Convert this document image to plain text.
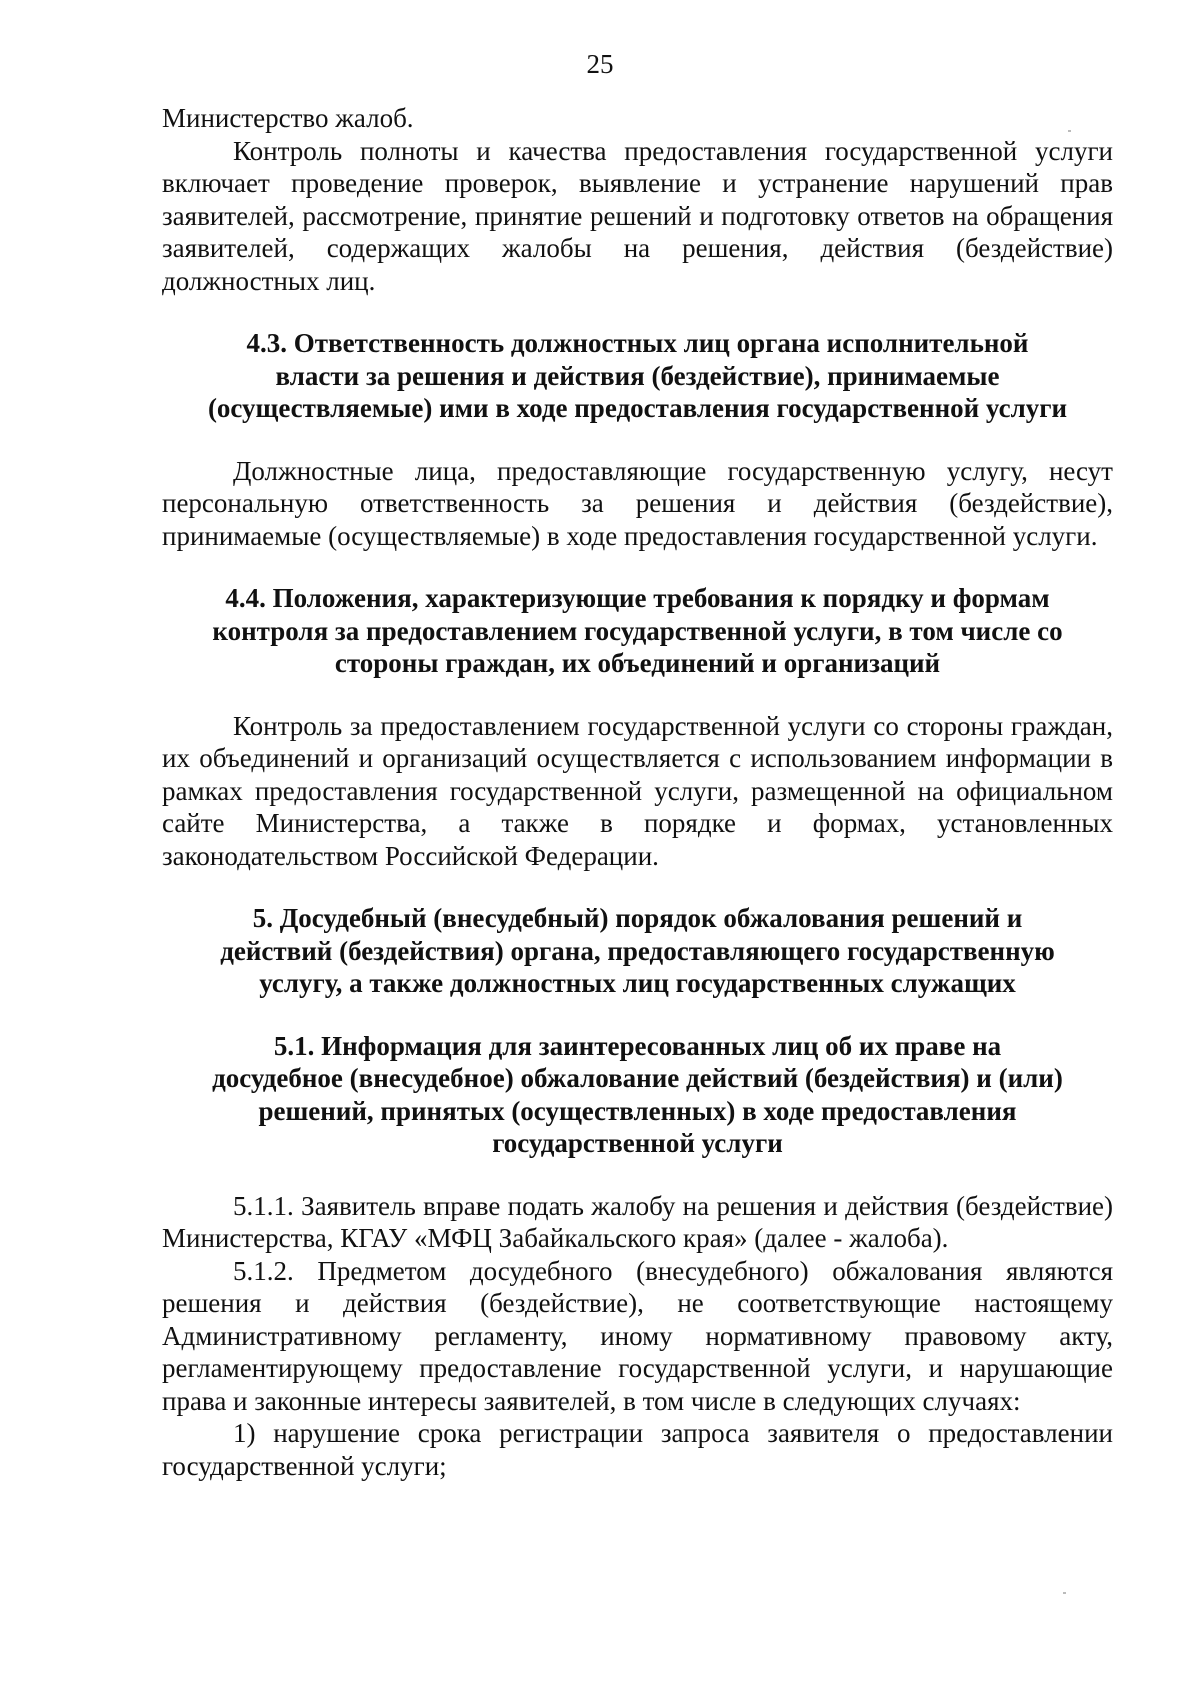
25

Министерство жалоб.

Контроль полноты и качества предоставления государственной услуги включает проведение проверок, выявление и устранение нарушений прав заявителей, рассмотрение, принятие решений и подготовку ответов на обращения заявителей, содержащих жалобы на решения, действия (бездействие) должностных лиц.

4.3. Ответственность должностных лиц органа исполнительной
власти за решения и действия (бездействие), принимаемые
(осуществляемые) ими в ходе предоставления государственной услуги

Должностные лица, предоставляющие государственную услугу, несут персональную ответственность за решения и действия (бездействие), принимаемые (осуществляемые) в ходе предоставления государственной услуги.

4.4. Положения, характеризующие требования к порядку и формам
контроля за предоставлением государственной услуги, в том числе со
стороны граждан, их объединений и организаций

Контроль за предоставлением государственной услуги со стороны граждан, их объединений и организаций осуществляется с использованием информации в рамках предоставления государственной услуги, размещенной на официальном сайте Министерства, а также в порядке и формах, установленных законодательством Российской Федерации.

5. Досудебный (внесудебный) порядок обжалования решений и
действий (бездействия) органа, предоставляющего государственную
услугу, а также должностных лиц государственных служащих
5.1. Информация для заинтересованных лиц об их праве на
досудебное (внесудебное) обжалование действий (бездействия) и (или)
решений, принятых (осуществленных) в ходе предоставления
государственной услуги

5.1.1. Заявитель вправе подать жалобу на решения и действия (бездействие) Министерства, КГАУ «МФЦ Забайкальского края» (далее - жалоба).

5.1.2. Предметом досудебного (внесудебного) обжалования являются решения и действия (бездействие), не соответствующие настоящему Административному регламенту, иному нормативному правовому акту, регламентирующему предоставление государственной услуги, и нарушающие права и законные интересы заявителей, в том числе в следующих случаях:

1) нарушение срока регистрации запроса заявителя о предоставлении государственной услуги;
